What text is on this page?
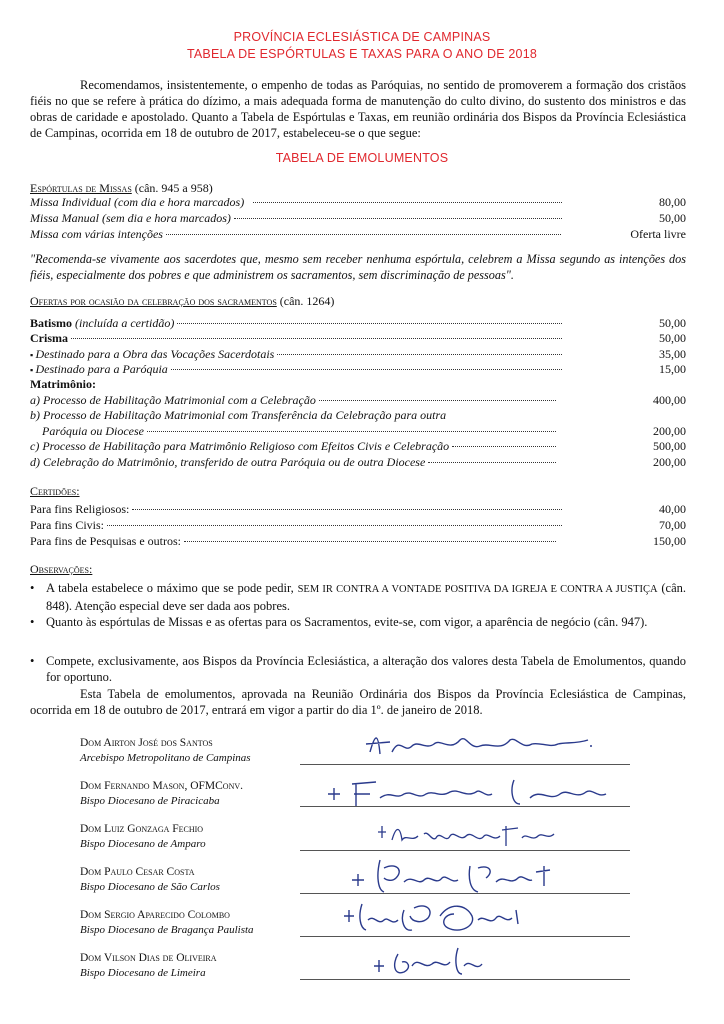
PROVÍNCIA ECLESIÁSTICA DE CAMPINAS
TABELA DE ESPÓRTULAS E TAXAS PARA O ANO DE 2018
Recomendamos, insistentemente, o empenho de todas as Paróquias, no sentido de promoverem a formação dos cristãos fiéis no que se refere à prática do dízimo, a mais adequada forma de manutenção do culto divino, do sustento dos ministros e das obras de caridade e apostolado. Quanto a Tabela de Espórtulas e Taxas, em reunião ordinária dos Bispos da Província Eclesiástica de Campinas, ocorrida em 18 de outubro de 2017, estabeleceu-se o que segue:
TABELA DE EMOLUMENTOS
Espórtulas de Missas (cân. 945 a 958)
Missa Individual (com dia e hora marcados)	80,00
Missa Manual (sem dia e hora marcados)	50,00
Missa com várias intenções	Oferta livre
"Recomenda-se vivamente aos sacerdotes que, mesmo sem receber nenhuma espórtula, celebrem a Missa segundo as intenções dos fiéis, especialmente dos pobres e que administrem os sacramentos, sem discriminação de pessoas".
Ofertas por ocasião da celebração dos sacramentos (cân. 1264)
Batismo (incluída a certidão)	50,00
Crisma	50,00
▪ Destinado para a Obra das Vocações Sacerdotais	35,00
▪ Destinado para a Paróquia	15,00
Matrimônio:
a) Processo de Habilitação Matrimonial com a Celebração	400,00
b) Processo de Habilitação Matrimonial com Transferência da Celebração para outra
Paróquia ou Diocese	200,00
c) Processo de Habilitação para Matrimônio Religioso com Efeitos Civis e Celebração	500,00
d) Celebração do Matrimônio, transferido de outra Paróquia ou de outra Diocese	200,00
Certidões:
Para fins Religiosos:	40,00
Para fins Civis:	70,00
Para fins de Pesquisas e outros:	150,00
Observações:
• A tabela estabelece o máximo que se pode pedir, SEM IR CONTRA A VONTADE POSITIVA DA IGREJA E CONTRA A JUSTIÇA (cân. 848). Atenção especial deve ser dada aos pobres.
• Quanto às espórtulas de Missas e as ofertas para os Sacramentos, evite-se, com vigor, a aparência de negócio (cân. 947).
• Compete, exclusivamente, aos Bispos da Província Eclesiástica, a alteração dos valores desta Tabela de Emolumentos, quando for oportuno.
Esta Tabela de emolumentos, aprovada na Reunião Ordinária dos Bispos da Província Eclesiástica de Campinas, ocorrida em 18 de outubro de 2017, entrará em vigor a partir do dia 1º. de janeiro de 2018.
Dom Airton José dos Santos
Arcebispo Metropolitano de Campinas
Dom Fernando Mason, OFMConv.
Bispo Diocesano de Piracicaba
Dom Luiz Gonzaga Fechio
Bispo Diocesano de Amparo
Dom Paulo Cesar Costa
Bispo Diocesano de São Carlos
Dom Sergio Aparecido Colombo
Bispo Diocesano de Bragança Paulista
Dom Vilson Dias de Oliveira
Bispo Diocesano de Limeira
